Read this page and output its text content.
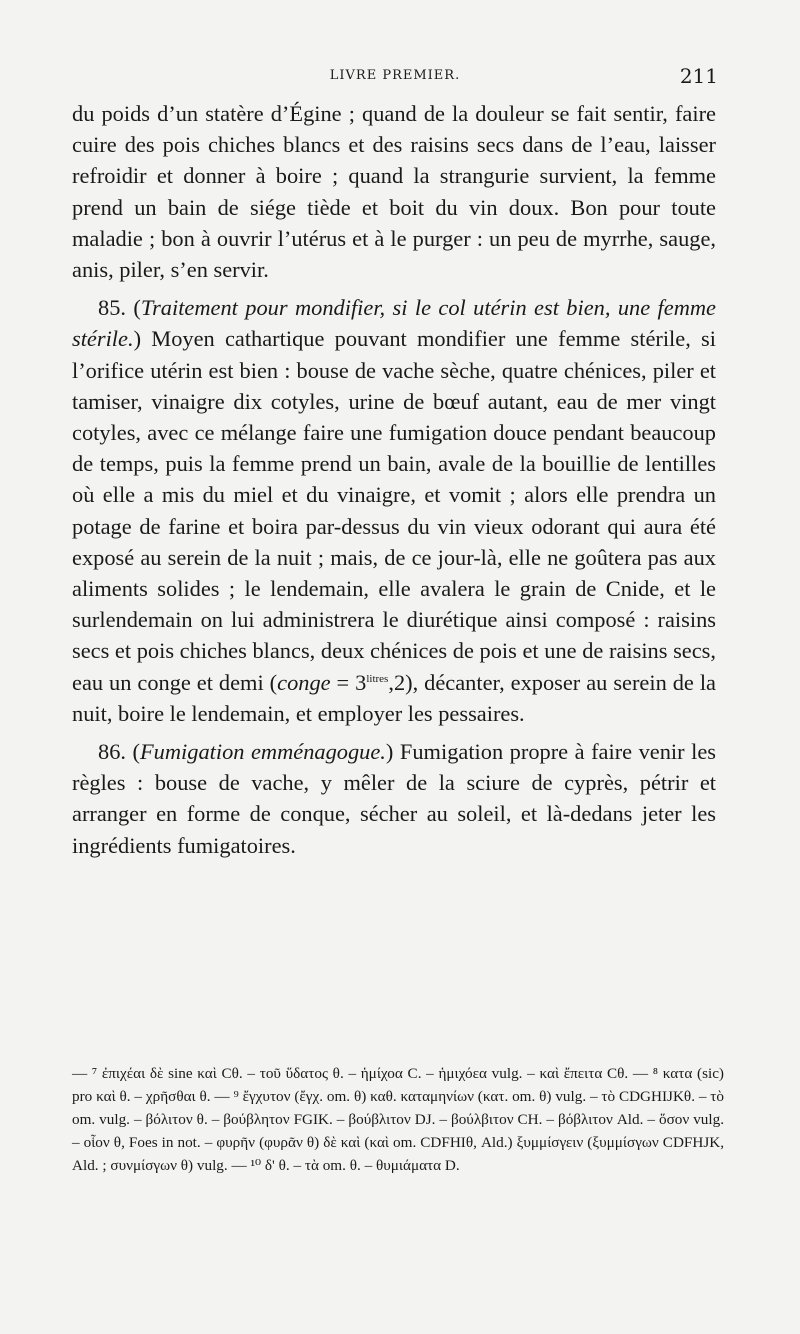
LIVRE PREMIER.	211

du poids d’un statère d’Égine ; quand de la douleur se fait sentir, faire cuire des pois chiches blancs et des raisins secs dans de l’eau, laisser refroidir et donner à boire ; quand la strangurie survient, la femme prend un bain de siége tiède et boit du vin doux. Bon pour toute maladie ; bon à ouvrir l’utérus et à le purger : un peu de myrrhe, sauge, anis, piler, s’en servir.

85. (Traitement pour mondifier, si le col utérin est bien, une femme stérile.) Moyen cathartique pouvant mondifier une femme stérile, si l’orifice utérin est bien : bouse de vache sèche, quatre chénices, piler et tamiser, vinaigre dix cotyles, urine de bœuf autant, eau de mer vingt cotyles, avec ce mélange faire une fumigation douce pendant beaucoup de temps, puis la femme prend un bain, avale de la bouillie de lentilles où elle a mis du miel et du vinaigre, et vomit ; alors elle prendra un potage de farine et boira par-dessus du vin vieux odorant qui aura été exposé au serein de la nuit ; mais, de ce jour-là, elle ne goûtera pas aux aliments solides ; le lendemain, elle avalera le grain de Cnide, et le surlendemain on lui administrera le diurétique ainsi composé : raisins secs et pois chiches blancs, deux chénices de pois et une de raisins secs, eau un conge et demi (conge = $3^{litres},2$), décanter, exposer au serein de la nuit, boire le lendemain, et employer les pessaires.

86. (Fumigation emménagogue.) Fumigation propre à faire venir les règles : bouse de vache, y mêler de la sciure de cyprès, pétrir et arranger en forme de conque, sécher au soleil, et là-dedans jeter les ingrédients fumigatoires.

— ⁷ ἐπιχέαι δὲ sine καὶ Cθ. – τοῦ ὕδατος θ. – ἡμίχοα C. – ἡμιχόεα vulg. – καὶ ἔπειτα Cθ. — ⁸ κατα (sic) pro καὶ θ. – χρῆσθαι θ. — ⁹ ἔγχυτον (ἔγχ. om. θ) καθ. καταμηνίων (κατ. om. θ) vulg. – τὸ CDGHIJKθ. – τὸ om. vulg. – βόλιτον θ. – βούβλητον FGIK. – βούβλιτον DJ. – βούλβιτον CH. – βόβλιτον Ald. – ὅσον vulg. – οἷον θ, Foes in not. – φυρῆν (φυρᾶν θ) δὲ καὶ (καὶ om. CDFHIθ, Ald.) ξυμμίσγειν (ξυμμίσγων CDFHJK, Ald. ; συνμίσγων θ) vulg. — ¹⁰ δ' θ. – τὰ om. θ. – θυμιάματα D.
